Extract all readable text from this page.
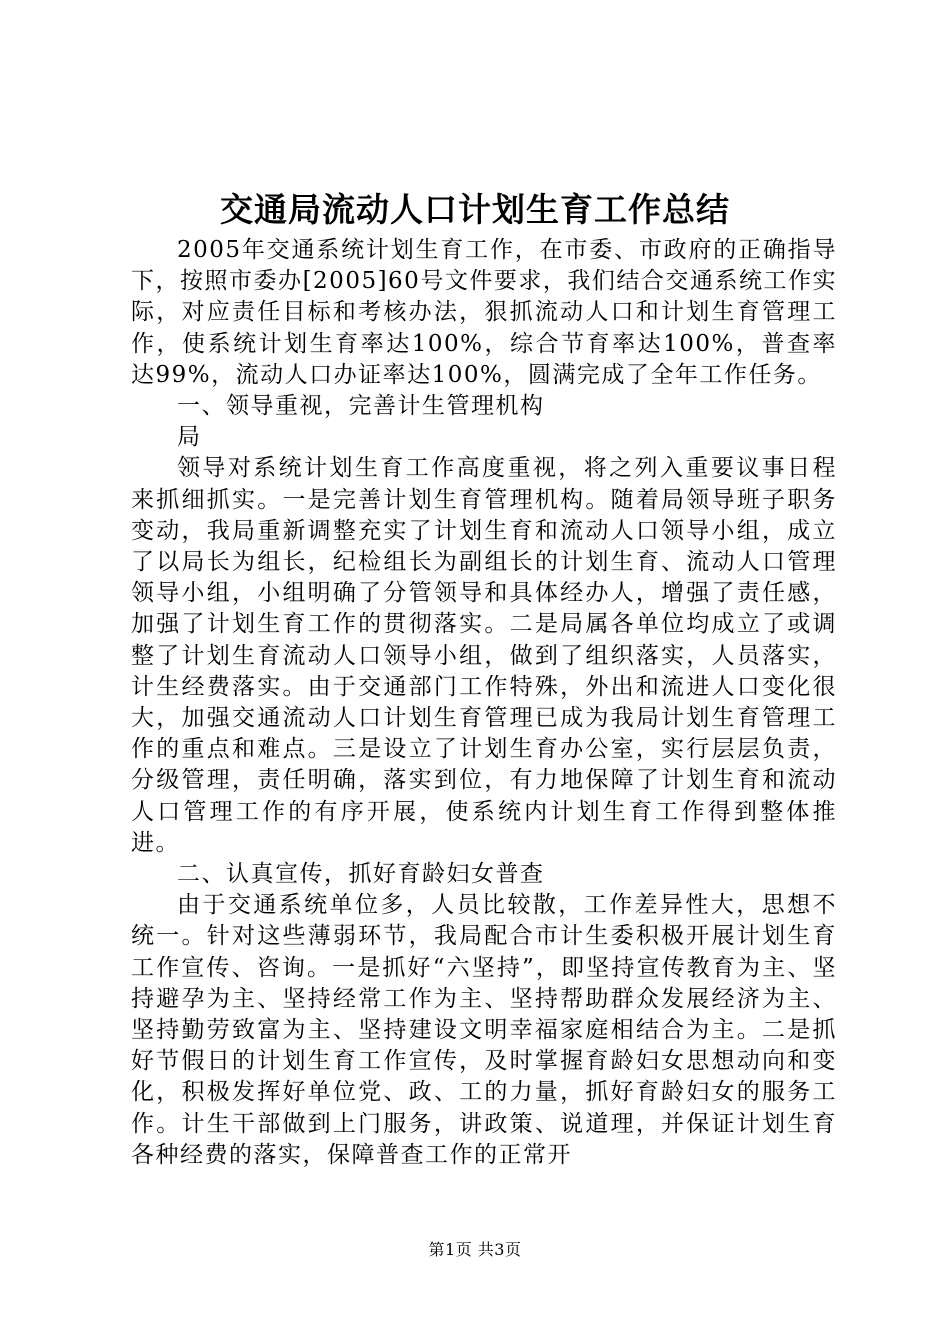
交通局流动人口计划生育工作总结

2005年交通系统计划生育工作，在市委、市政府的正确指导下，按照市委办[2005]60号文件要求，我们结合交通系统工作实际，对应责任目标和考核办法，狠抓流动人口和计划生育管理工作，使系统计划生育率达100%，综合节育率达100%，普查率达99%，流动人口办证率达100%，圆满完成了全年工作任务。

一、领导重视，完善计生管理机构

局

领导对系统计划生育工作高度重视，将之列入重要议事日程来抓细抓实。一是完善计划生育管理机构。随着局领导班子职务变动，我局重新调整充实了计划生育和流动人口领导小组，成立了以局长为组长，纪检组长为副组长的计划生育、流动人口管理领导小组，小组明确了分管领导和具体经办人，增强了责任感，加强了计划生育工作的贯彻落实。二是局属各单位均成立了或调整了计划生育流动人口领导小组，做到了组织落实，人员落实，计生经费落实。由于交通部门工作特殊，外出和流进人口变化很大，加强交通流动人口计划生育管理已成为我局计划生育管理工作的重点和难点。三是设立了计划生育办公室，实行层层负责，分级管理，责任明确，落实到位，有力地保障了计划生育和流动人口管理工作的有序开展，使系统内计划生育工作得到整体推进。

二、认真宣传，抓好育龄妇女普查

由于交通系统单位多，人员比较散，工作差异性大，思想不统一。针对这些薄弱环节，我局配合市计生委积极开展计划生育工作宣传、咨询。一是抓好“六坚持”，即坚持宣传教育为主、坚持避孕为主、坚持经常工作为主、坚持帮助群众发展经济为主、坚持勤劳致富为主、坚持建设文明幸福家庭相结合为主。二是抓好节假日的计划生育工作宣传，及时掌握育龄妇女思想动向和变化，积极发挥好单位党、政、工的力量，抓好育龄妇女的服务工作。计生干部做到上门服务，讲政策、说道理，并保证计划生育各种经费的落实，保障普查工作的正常开

第1页 共3页
